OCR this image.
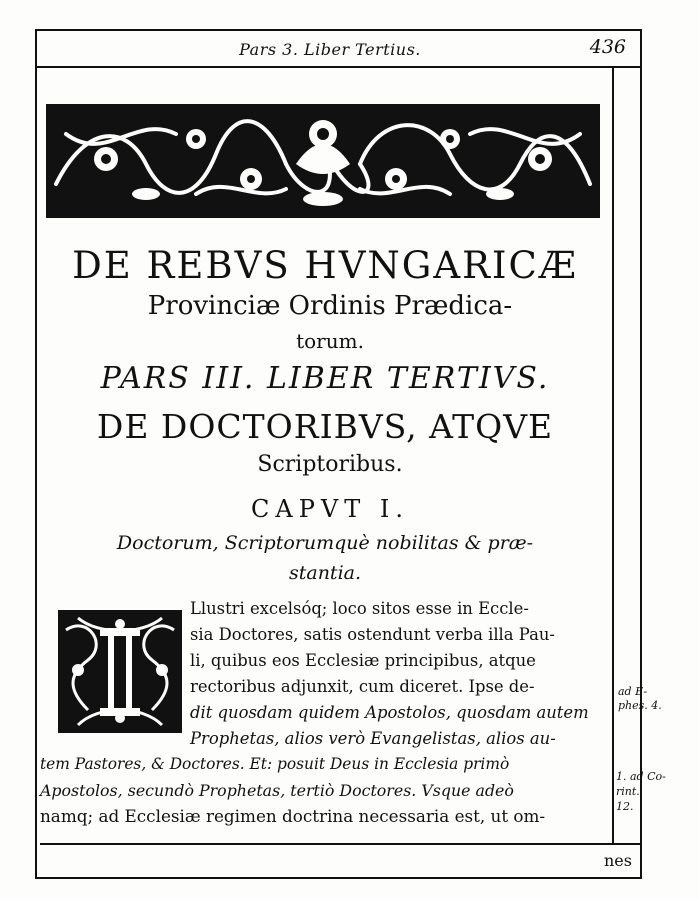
Pars 3. Liber Tertius.	436
DE REBVS HVNGARICÆ
Provinciæ Ordinis Prædica-
torum.
PARS III. LIBER TERTIVS.
DE DOCTORIBVS, ATQVE
Scriptoribus.
CAPVT I.
Doctorum, Scriptorumquè nobilitas & præ-
stantia.
Llustri excelsóq; loco sitos esse in Eccle-
sia Doctores, satis ostendunt verba illa Pau-
li, quibus eos Ecclesiæ principibus, atque
rectoribus adjunxit, cum diceret. Ipse de-
dit quosdam quidem Apostolos, quosdam autem
Prophetas, alios verò Evangelistas, alios au-
tem Pastores, & Doctores. Et: posuit Deus in Ecclesia primò
Apostolos, secundò Prophetas, tertiò Doctores. Vsque adeò
namq; ad Ecclesiæ regimen doctrina necessaria est, ut om-
ad E-
phes. 4.
1. ad Co-
rint.
12.
nes
